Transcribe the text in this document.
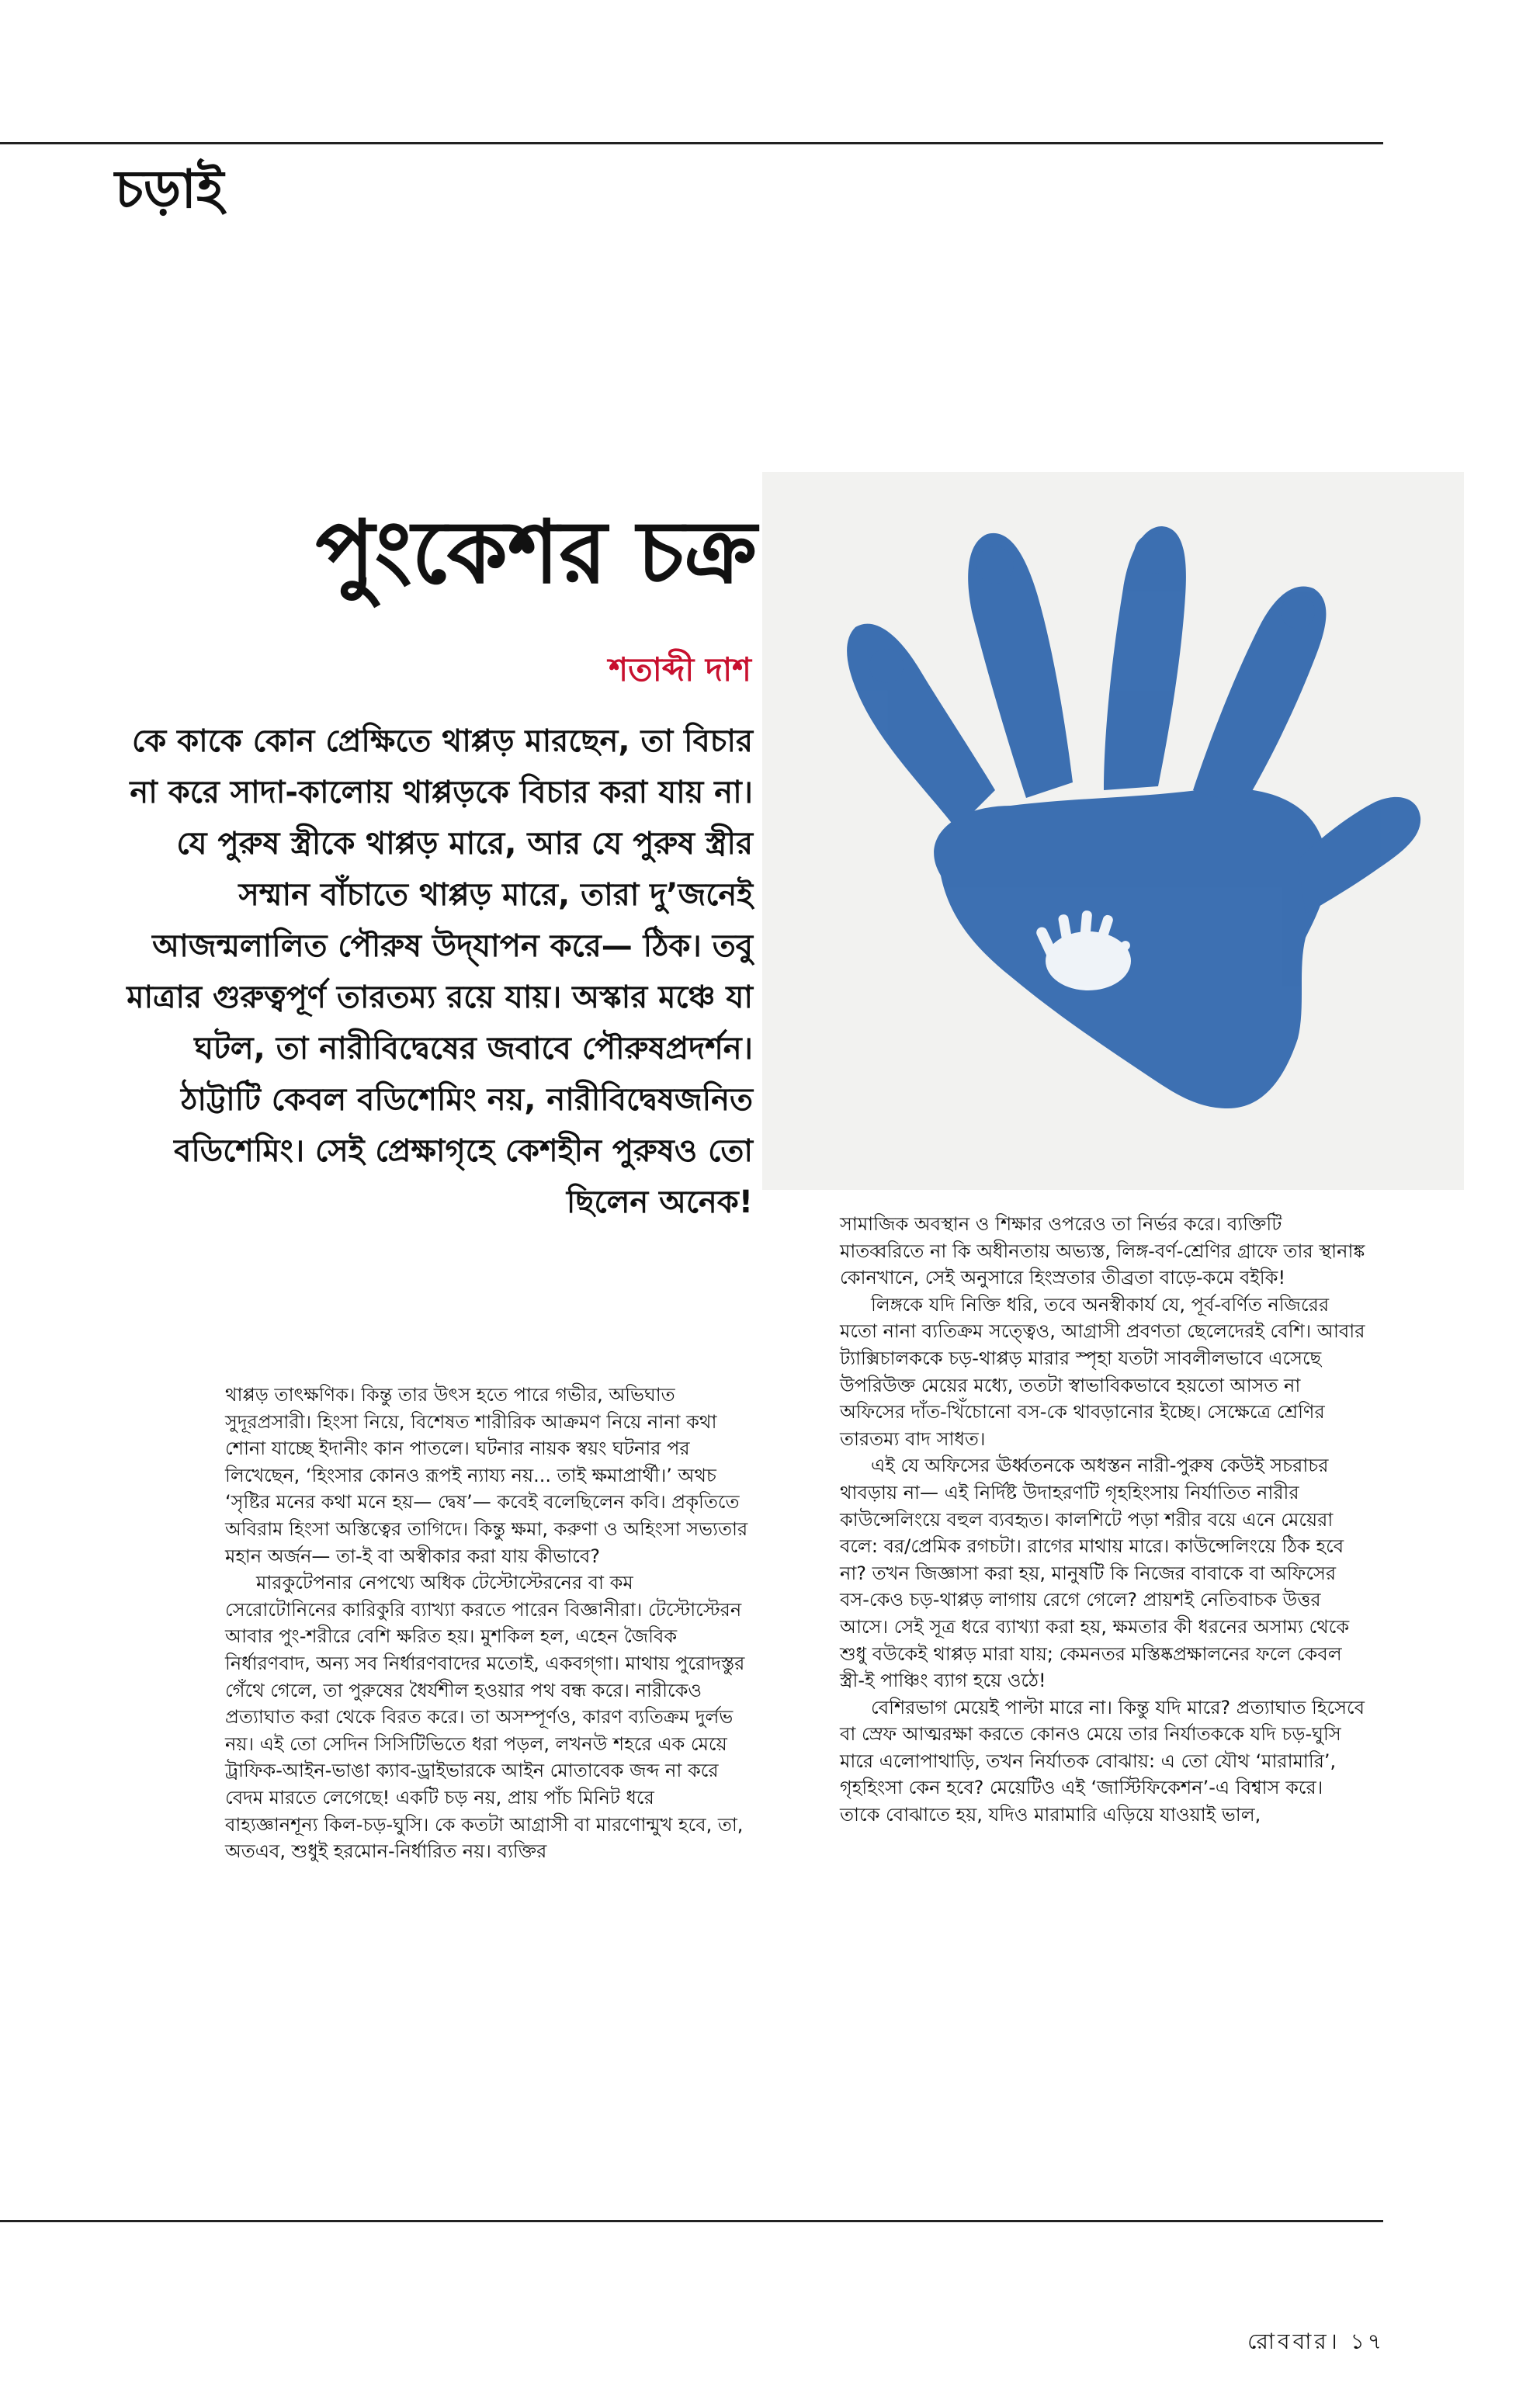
চড়াই
পুংকেশর চক্র
শতাব্দী দাশ
কে কাকে কোন প্রেক্ষিতে থাপ্পড় মারছেন, তা বিচার না করে সাদা-কালোয় থাপ্পড়কে বিচার করা যায় না। যে পুরুষ স্ত্রীকে থাপ্পড় মারে, আর যে পুরুষ স্ত্রীর সম্মান বাঁচাতে থাপ্পড় মারে, তারা দু’জনেই আজন্মলালিত পৌরুষ উদ্‌যাপন করে— ঠিক। তবু মাত্রার গুরুত্বপূর্ণ তারতম্য রয়ে যায়। অস্কার মঞ্চে যা ঘটল, তা নারীবিদ্বেষের জবাবে পৌরুষপ্রদর্শন। ঠাট্টাটি কেবল বডিশেমিং নয়, নারীবিদ্বেষজনিত বডিশেমিং। সেই প্রেক্ষাগৃহে কেশহীন পুরুষও তো ছিলেন অনেক!

থাপ্পড় তাৎক্ষণিক। কিন্তু তার উৎস হতে পারে গভীর, অভিঘাত সুদূরপ্রসারী। হিংসা নিয়ে, বিশেষত শারীরিক আক্রমণ নিয়ে নানা কথা শোনা যাচ্ছে ইদানীং কান পাতলে। ঘটনার নায়ক স্বয়ং ঘটনার পর লিখেছেন, ‘হিংসার কোনও রূপই ন্যায্য নয়... তাই ক্ষমাপ্রার্থী।’ অথচ ‘সৃষ্টির মনের কথা মনে হয়— দ্বেষ’— কবেই বলেছিলেন কবি। প্রকৃতিতে অবিরাম হিংসা অস্তিত্বের তাগিদে। কিন্তু ক্ষমা, করুণা ও অহিংসা সভ্যতার মহান অর্জন— তা-ই বা অস্বীকার করা যায় কীভাবে?

মারকুটেপনার নেপথ্যে অধিক টেস্টোস্টেরনের বা কম সেরোটোনিনের কারিকুরি ব্যাখ্যা করতে পারেন বিজ্ঞানীরা। টেস্টোস্টেরন আবার পুং-শরীরে বেশি ক্ষরিত হয়। মুশকিল হল, এহেন জৈবিক নির্ধারণবাদ, অন্য সব নির্ধারণবাদের মতোই, একবগ্‌গা। মাথায় পুরোদস্তুর গেঁথে গেলে, তা পুরুষের ধৈর্যশীল হওয়ার পথ বন্ধ করে। নারীকেও প্রত্যাঘাত করা থেকে বিরত করে। তা অসম্পূর্ণও, কারণ ব্যতিক্রম দুর্লভ নয়। এই তো সেদিন সিসিটিভিতে ধরা পড়ল, লখনউ শহরে এক মেয়ে ট্রাফিক-আইন-ভাঙা ক্যাব-ড্রাইভারকে আইন মোতাবেক জব্দ না করে বেদম মারতে লেগেছে! একটি চড় নয়, প্রায় পাঁচ মিনিট ধরে বাহ্যজ্ঞানশূন্য কিল-চড়-ঘুসি। কে কতটা আগ্রাসী বা মারণোন্মুখ হবে, তা, অতএব, শুধুই হরমোন-নির্ধারিত নয়। ব্যক্তির

সামাজিক অবস্থান ও শিক্ষার ওপরেও তা নির্ভর করে। ব্যক্তিটি মাতব্বরিতে না কি অধীনতায় অভ্যস্ত, লিঙ্গ-বর্ণ-শ্রেণির গ্রাফে তার স্থানাঙ্ক কোনখানে, সেই অনুসারে হিংস্রতার তীব্রতা বাড়ে-কমে বইকি!

লিঙ্গকে যদি নিক্তি ধরি, তবে অনস্বীকার্য যে, পূর্ব-বর্ণিত নজিরের মতো নানা ব্যতিক্রম সত্ত্বেও, আগ্রাসী প্রবণতা ছেলেদেরই বেশি। আবার ট্যাক্সিচালককে চড়-থাপ্পড় মারার স্পৃহা যতটা সাবলীলভাবে এসেছে উপরিউক্ত মেয়ের মধ্যে, ততটা স্বাভাবিকভাবে হয়তো আসত না অফিসের দাঁত-খিঁচোনো বস-কে থাবড়ানোর ইচ্ছে। সেক্ষেত্রে শ্রেণির তারতম্য বাদ সাধত।

এই যে অফিসের ঊর্ধ্বতনকে অধস্তন নারী-পুরুষ কেউই সচরাচর থাবড়ায় না— এই নির্দিষ্ট উদাহরণটি গৃহহিংসায় নির্যাতিত নারীর কাউন্সেলিংয়ে বহুল ব্যবহৃত। কালশিটে পড়া শরীর বয়ে এনে মেয়েরা বলে: বর/প্রেমিক রগচটা। রাগের মাথায় মারে। কাউন্সেলিংয়ে ঠিক হবে না? তখন জিজ্ঞাসা করা হয়, মানুষটি কি নিজের বাবাকে বা অফিসের বস-কেও চড়-থাপ্পড় লাগায় রেগে গেলে? প্রায়শই নেতিবাচক উত্তর আসে। সেই সূত্র ধরে ব্যাখ্যা করা হয়, ক্ষমতার কী ধরনের অসাম্য থেকে শুধু বউকেই থাপ্পড় মারা যায়; কেমনতর মস্তিষ্কপ্রক্ষালনের ফলে কেবল স্ত্রী-ই পাঞ্চিং ব্যাগ হয়ে ওঠে!

বেশিরভাগ মেয়েই পাল্টা মারে না। কিন্তু যদি মারে? প্রত্যাঘাত হিসেবে বা স্রেফ আত্মরক্ষা করতে কোনও মেয়ে তার নির্যাতককে যদি চড়-ঘুসি মারে এলোপাথাড়ি, তখন নির্যাতক বোঝায়: এ তো যৌথ ‘মারামারি’, গৃহহিংসা কেন হবে? মেয়েটিও এই ‘জাস্টিফিকেশন’-এ বিশ্বাস করে। তাকে বোঝাতে হয়, যদিও মারামারি এড়িয়ে যাওয়াই ভাল,

রোববার। ১৭
